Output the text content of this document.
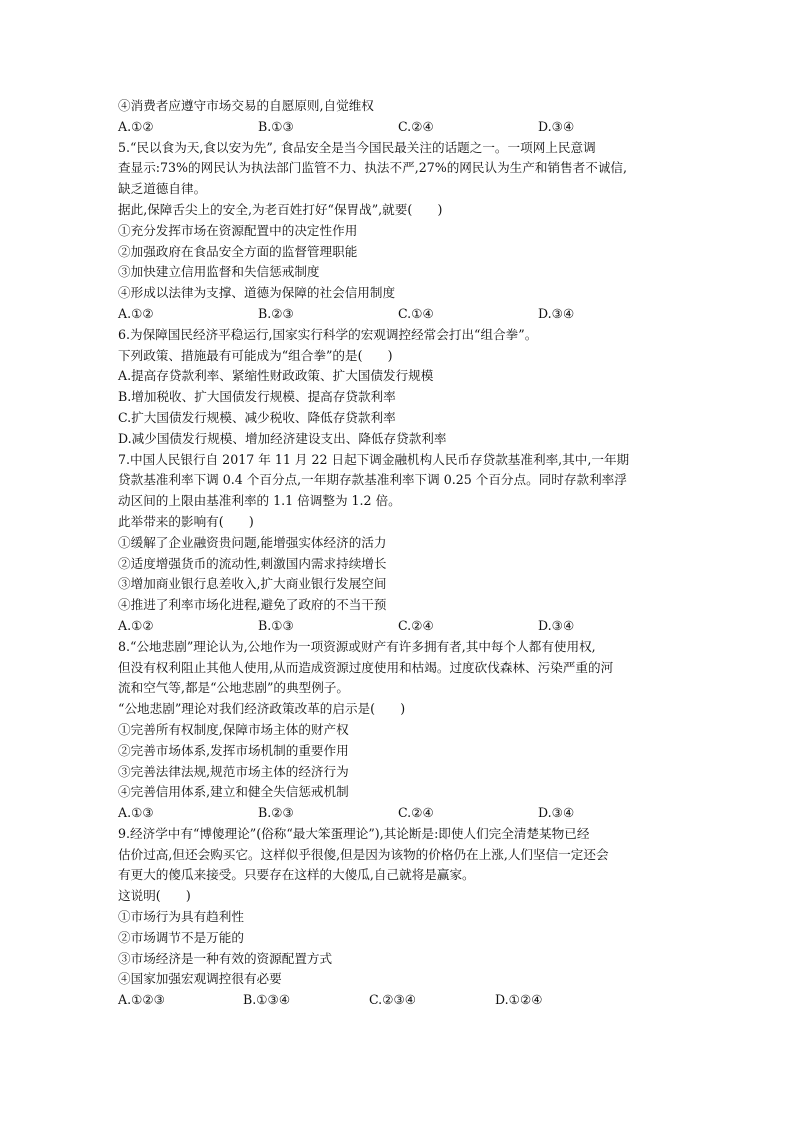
④消费者应遵守市场交易的自愿原则,自觉维权
A.①②	B.①③	C.②④	D.③④
5.“民以食为天,食以安为先”, 食品安全是当今国民最关注的话题之一。一项网上民意调
查显示:73%的网民认为执法部门监管不力、执法不严,27%的网民认为生产和销售者不诚信,
缺乏道德自律。
据此,保障舌尖上的安全,为老百姓打好“保胃战”,就要(　　)
①充分发挥市场在资源配置中的决定性作用
②加强政府在食品安全方面的监督管理职能
③加快建立信用监督和失信惩戒制度
④形成以法律为支撑、道德为保障的社会信用制度
A.①②	B.②③	C.①④	D.③④
6.为保障国民经济平稳运行,国家实行科学的宏观调控经常会打出“组合拳”。
下列政策、措施最有可能成为“组合拳”的是(　　)
A.提高存贷款利率、紧缩性财政政策、扩大国债发行规模
B.增加税收、扩大国债发行规模、提高存贷款利率
C.扩大国债发行规模、减少税收、降低存贷款利率
D.减少国债发行规模、增加经济建设支出、降低存贷款利率
7.中国人民银行自 2017 年 11 月 22 日起下调金融机构人民币存贷款基准利率,其中,一年期
贷款基准利率下调 0.4 个百分点,一年期存款基准利率下调 0.25 个百分点。同时存款利率浮
动区间的上限由基准利率的 1.1 倍调整为 1.2 倍。
此举带来的影响有(　　)
①缓解了企业融资贵问题,能增强实体经济的活力
②适度增强货币的流动性,刺激国内需求持续增长
③增加商业银行息差收入,扩大商业银行发展空间
④推进了利率市场化进程,避免了政府的不当干预
A.①②	B.①③	C.②④	D.③④
8.“公地悲剧”理论认为,公地作为一项资源或财产有许多拥有者,其中每个人都有使用权,
但没有权利阻止其他人使用,从而造成资源过度使用和枯竭。过度砍伐森林、污染严重的河
流和空气等,都是“公地悲剧”的典型例子。
“公地悲剧”理论对我们经济政策改革的启示是(　　)
①完善所有权制度,保障市场主体的财产权
②完善市场体系,发挥市场机制的重要作用
③完善法律法规,规范市场主体的经济行为
④完善信用体系,建立和健全失信惩戒机制
A.①③	B.②③	C.②④	D.③④
9.经济学中有“博傻理论”(俗称“最大笨蛋理论”),其论断是:即使人们完全清楚某物已经
估价过高,但还会购买它。这样似乎很傻,但是因为该物的价格仍在上涨,人们坚信一定还会
有更大的傻瓜来接受。只要存在这样的大傻瓜,自己就将是赢家。
这说明(　　)
①市场行为具有趋利性
②市场调节不是万能的
③市场经济是一种有效的资源配置方式
④国家加强宏观调控很有必要
A.①②③	B.①③④	C.②③④	D.①②④
